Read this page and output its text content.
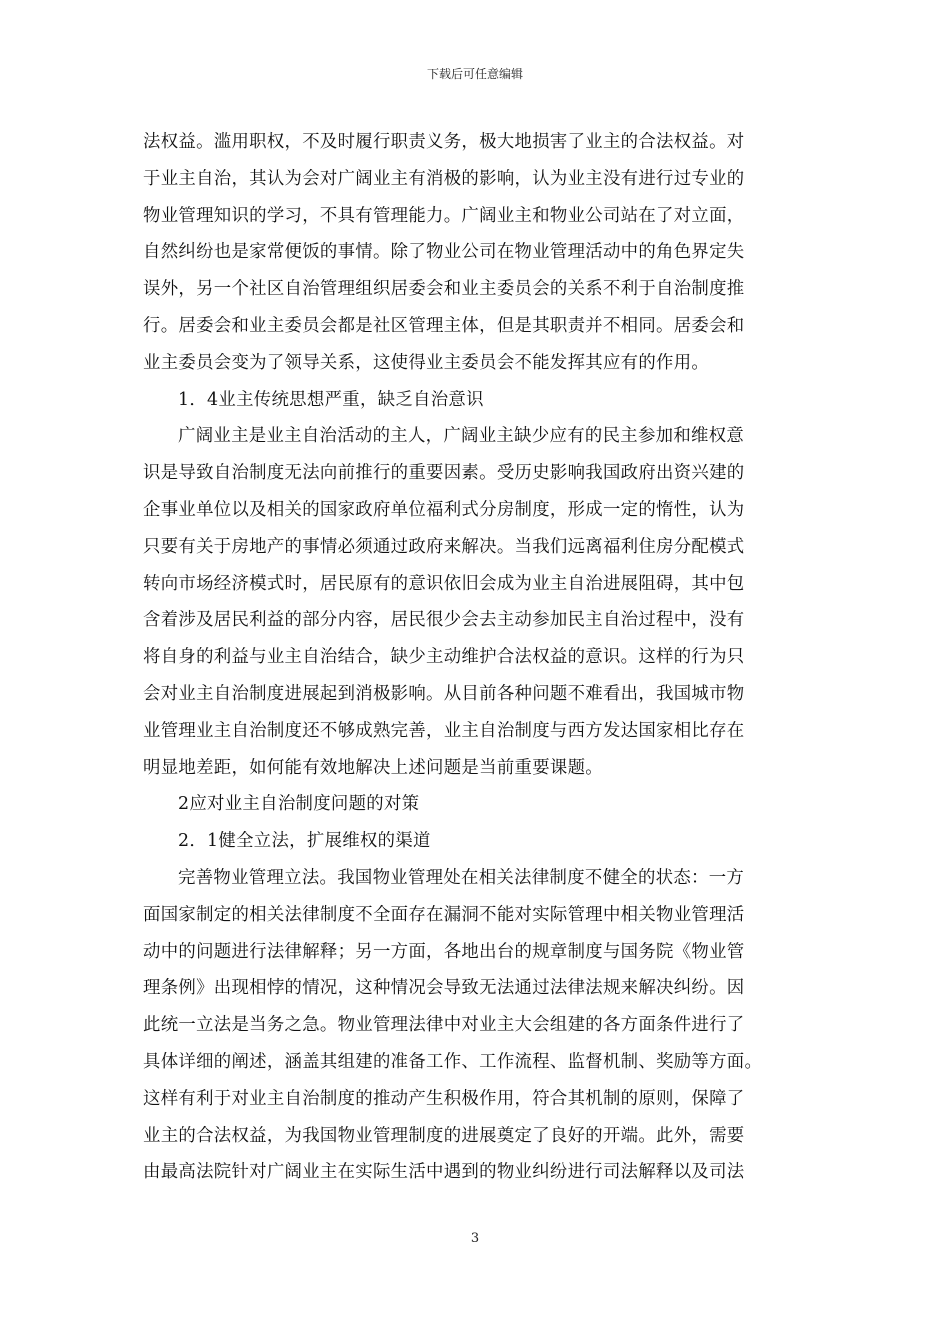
下载后可任意编辑
法权益。滥用职权，不及时履行职责义务，极大地损害了业主的合法权益。对
于业主自治，其认为会对广阔业主有消极的影响，认为业主没有进行过专业的
物业管理知识的学习，不具有管理能力。广阔业主和物业公司站在了对立面，
自然纠纷也是家常便饭的事情。除了物业公司在物业管理活动中的角色界定失
误外，另一个社区自治管理组织居委会和业主委员会的关系不利于自治制度推
行。居委会和业主委员会都是社区管理主体，但是其职责并不相同。居委会和
业主委员会变为了领导关系，这使得业主委员会不能发挥其应有的作用。
1．4业主传统思想严重，缺乏自治意识
广阔业主是业主自治活动的主人，广阔业主缺少应有的民主参加和维权意
识是导致自治制度无法向前推行的重要因素。受历史影响我国政府出资兴建的
企事业单位以及相关的国家政府单位福利式分房制度，形成一定的惰性，认为
只要有关于房地产的事情必须通过政府来解决。当我们远离福利住房分配模式
转向市场经济模式时，居民原有的意识依旧会成为业主自治进展阻碍，其中包
含着涉及居民利益的部分内容，居民很少会去主动参加民主自治过程中，没有
将自身的利益与业主自治结合，缺少主动维护合法权益的意识。这样的行为只
会对业主自治制度进展起到消极影响。从目前各种问题不难看出，我国城市物
业管理业主自治制度还不够成熟完善，业主自治制度与西方发达国家相比存在
明显地差距，如何能有效地解决上述问题是当前重要课题。
2应对业主自治制度问题的对策
2．1健全立法，扩展维权的渠道
完善物业管理立法。我国物业管理处在相关法律制度不健全的状态：一方
面国家制定的相关法律制度不全面存在漏洞不能对实际管理中相关物业管理活
动中的问题进行法律解释；另一方面，各地出台的规章制度与国务院《物业管
理条例》出现相悖的情况，这种情况会导致无法通过法律法规来解决纠纷。因
此统一立法是当务之急。物业管理法律中对业主大会组建的各方面条件进行了
具体详细的阐述，涵盖其组建的准备工作、工作流程、监督机制、奖励等方面。
这样有利于对业主自治制度的推动产生积极作用，符合其机制的原则，保障了
业主的合法权益，为我国物业管理制度的进展奠定了良好的开端。此外，需要
由最高法院针对广阔业主在实际生活中遇到的物业纠纷进行司法解释以及司法
3
